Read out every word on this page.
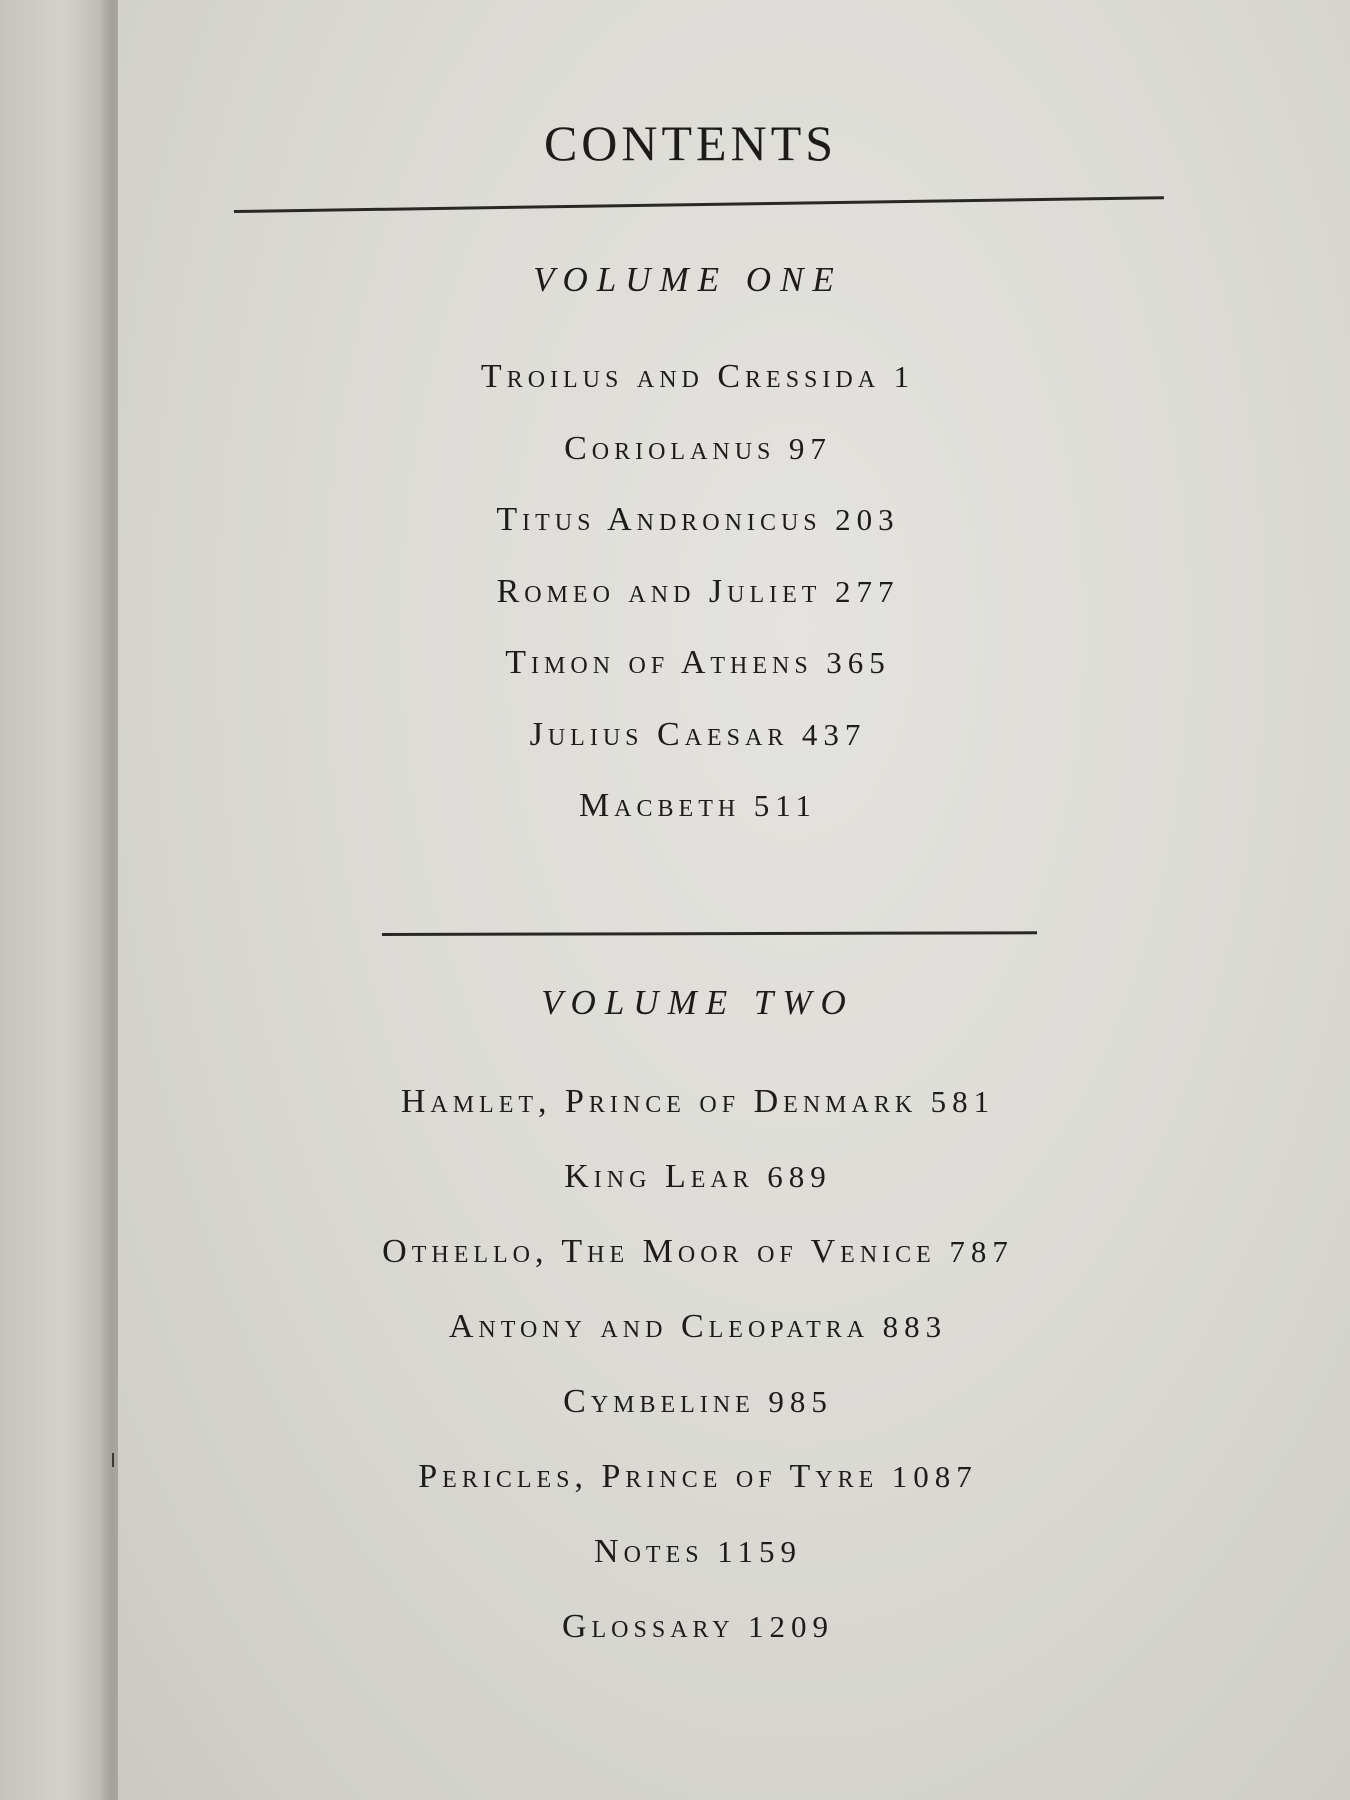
CONTENTS
VOLUME ONE
Troilus and Cressida 1
Coriolanus 97
Titus Andronicus 203
Romeo and Juliet 277
Timon of Athens 365
Julius Caesar 437
Macbeth 511
VOLUME TWO
Hamlet, Prince of Denmark 581
King Lear 689
Othello, The Moor of Venice 787
Antony and Cleopatra 883
Cymbeline 985
Pericles, Prince of Tyre 1087
Notes 1159
Glossary 1209
